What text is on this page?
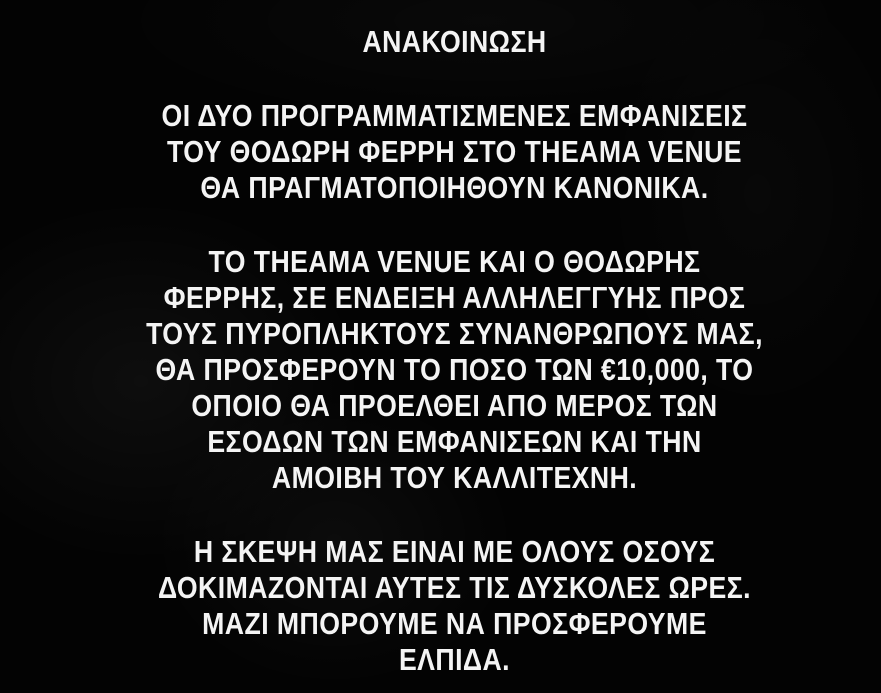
ΑΝΑΚΟΙΝΩΣΗ
ΟΙ ΔΥΟ ΠΡΟΓΡΑΜΜΑΤΙΣΜΕΝΕΣ ΕΜΦΑΝΙΣΕΙΣ
ΤΟΥ ΘΟΔΩΡΗ ΦΕΡΡΗ ΣΤΟ THEAMA VENUE
ΘΑ ΠΡΑΓΜΑΤΟΠΟΙΗΘΟΥΝ ΚΑΝΟΝΙΚΑ.
ΤΟ THEAMA VENUE ΚΑΙ Ο ΘΟΔΩΡΗΣ
ΦΕΡΡΗΣ, ΣΕ ΕΝΔΕΙΞΗ ΑΛΛΗΛΕΓΓΥΗΣ ΠΡΟΣ
ΤΟΥΣ ΠΥΡΟΠΛΗΚΤΟΥΣ ΣΥΝΑΝΘΡΩΠΟΥΣ ΜΑΣ,
ΘΑ ΠΡΟΣΦΕΡΟΥΝ ΤΟ ΠΟΣΟ ΤΩΝ €10,000, ΤΟ
ΟΠΟΙΟ ΘΑ ΠΡΟΕΛΘΕΙ ΑΠΟ ΜΕΡΟΣ ΤΩΝ
ΕΣΟΔΩΝ ΤΩΝ ΕΜΦΑΝΙΣΕΩΝ ΚΑΙ ΤΗΝ
ΑΜΟΙΒΗ ΤΟΥ ΚΑΛΛΙΤΕΧΝΗ.
Η ΣΚΕΨΗ ΜΑΣ ΕΙΝΑΙ ΜΕ ΟΛΟΥΣ ΟΣΟΥΣ
ΔΟΚΙΜΑΖΟΝΤΑΙ ΑΥΤΕΣ ΤΙΣ ΔΥΣΚΟΛΕΣ ΩΡΕΣ.
ΜΑΖΙ ΜΠΟΡΟΥΜΕ ΝΑ ΠΡΟΣΦΕΡΟΥΜΕ
ΕΛΠΙΔΑ.
